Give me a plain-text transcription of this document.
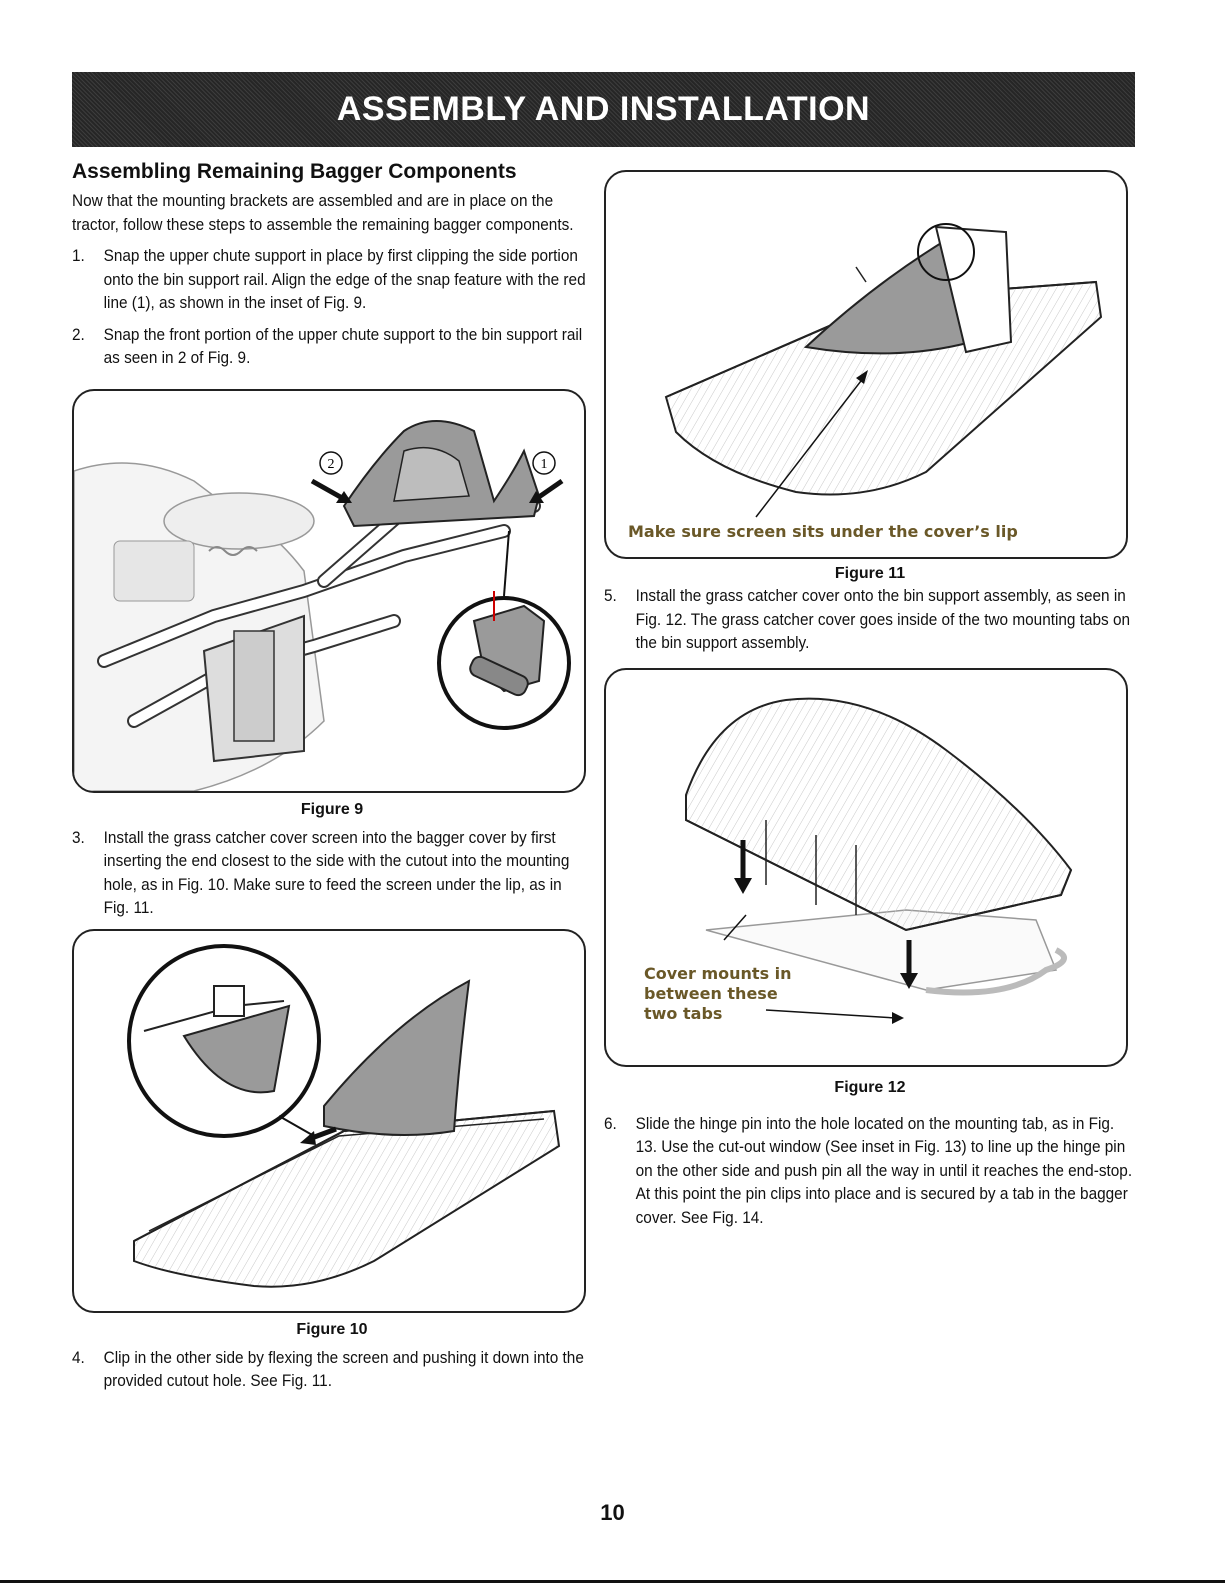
ASSEMBLY AND INSTALLATION
Assembling Remaining Bagger Components
Now that the mounting brackets are assembled and are in place on the tractor, follow these steps to assemble the remaining bagger components.
1.	Snap the upper chute support in place by first clipping the side portion onto the bin support rail. Align the edge of the snap feature with the red line (1), as shown in the inset of Fig. 9.
2.	Snap the front portion of the upper chute support to the bin support rail as seen in 2 of Fig. 9.
2	1
Figure 9
3.	Install the grass catcher cover screen into the bagger cover by first inserting the end closest to the side with the cutout into the mounting hole, as in Fig. 10. Make sure to feed the screen under the lip, as in Fig. 11.
Figure 10
4.	Clip in the other side by flexing the screen and pushing it down into the provided cutout hole. See Fig. 11.
Make sure screen sits under the cover’s lip
Figure 11
5.	Install the grass catcher cover onto the bin support assembly, as seen in Fig. 12. The grass catcher cover goes inside of the two mounting tabs on the bin support assembly.
Cover mounts in
between these
two tabs
Figure 12
6.	Slide the hinge pin into the hole located on the mounting tab, as in Fig. 13. Use the cut-out window (See inset in Fig. 13) to line up the hinge pin on the other side and push pin all the way in until it reaches the end-stop. At this point the pin clips into place and is secured by a tab in the bagger cover. See Fig. 14.
10
